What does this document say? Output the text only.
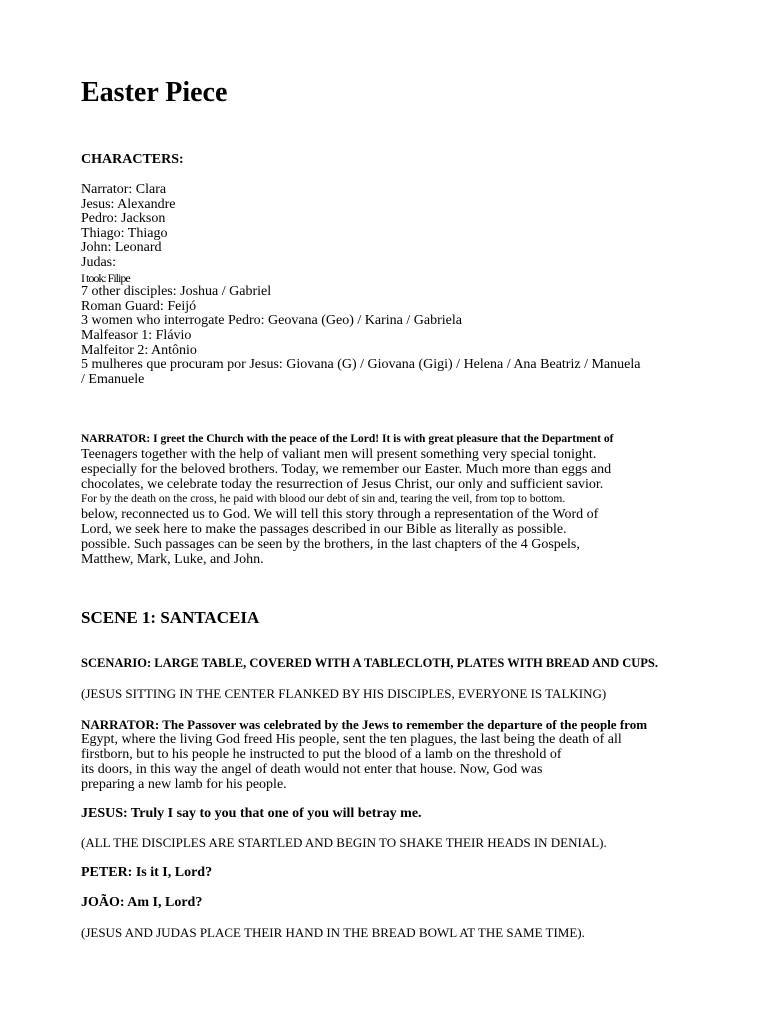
Easter Piece
CHARACTERS:
Narrator: Clara
Jesus: Alexandre
Pedro: Jackson
Thiago: Thiago
John: Leonard
Judas:
I took: Filipe
7 other disciples: Joshua / Gabriel
Roman Guard: Feijó
3 women who interrogate Pedro: Geovana (Geo) / Karina / Gabriela
Malfeasor 1: Flávio
Malfeitor 2: Antônio
5 mulheres que procuram por Jesus: Giovana (G) / Giovana (Gigi) / Helena / Ana Beatriz / Manuela
/ Emanuele
NARRATOR: I greet the Church with the peace of the Lord! It is with great pleasure that the Department of
Teenagers together with the help of valiant men will present something very special tonight.
especially for the beloved brothers. Today, we remember our Easter. Much more than eggs and
chocolates, we celebrate today the resurrection of Jesus Christ, our only and sufficient savior.
For by the death on the cross, he paid with blood our debt of sin and, tearing the veil, from top to bottom.
below, reconnected us to God. We will tell this story through a representation of the Word of
Lord, we seek here to make the passages described in our Bible as literally as possible.
possible. Such passages can be seen by the brothers, in the last chapters of the 4 Gospels,
Matthew, Mark, Luke, and John.
SCENE 1: SANTACEIA
SCENARIO: LARGE TABLE, COVERED WITH A TABLECLOTH, PLATES WITH BREAD AND CUPS.
(JESUS SITTING IN THE CENTER FLANKED BY HIS DISCIPLES, EVERYONE IS TALKING)
NARRATOR: The Passover was celebrated by the Jews to remember the departure of the people from
Egypt, where the living God freed His people, sent the ten plagues, the last being the death of all
firstborn, but to his people he instructed to put the blood of a lamb on the threshold of
its doors, in this way the angel of death would not enter that house. Now, God was
preparing a new lamb for his people.
JESUS: Truly I say to you that one of you will betray me.
(ALL THE DISCIPLES ARE STARTLED AND BEGIN TO SHAKE THEIR HEADS IN DENIAL).
PETER: Is it I, Lord?
JOÃO: Am I, Lord?
(JESUS AND JUDAS PLACE THEIR HAND IN THE BREAD BOWL AT THE SAME TIME).
